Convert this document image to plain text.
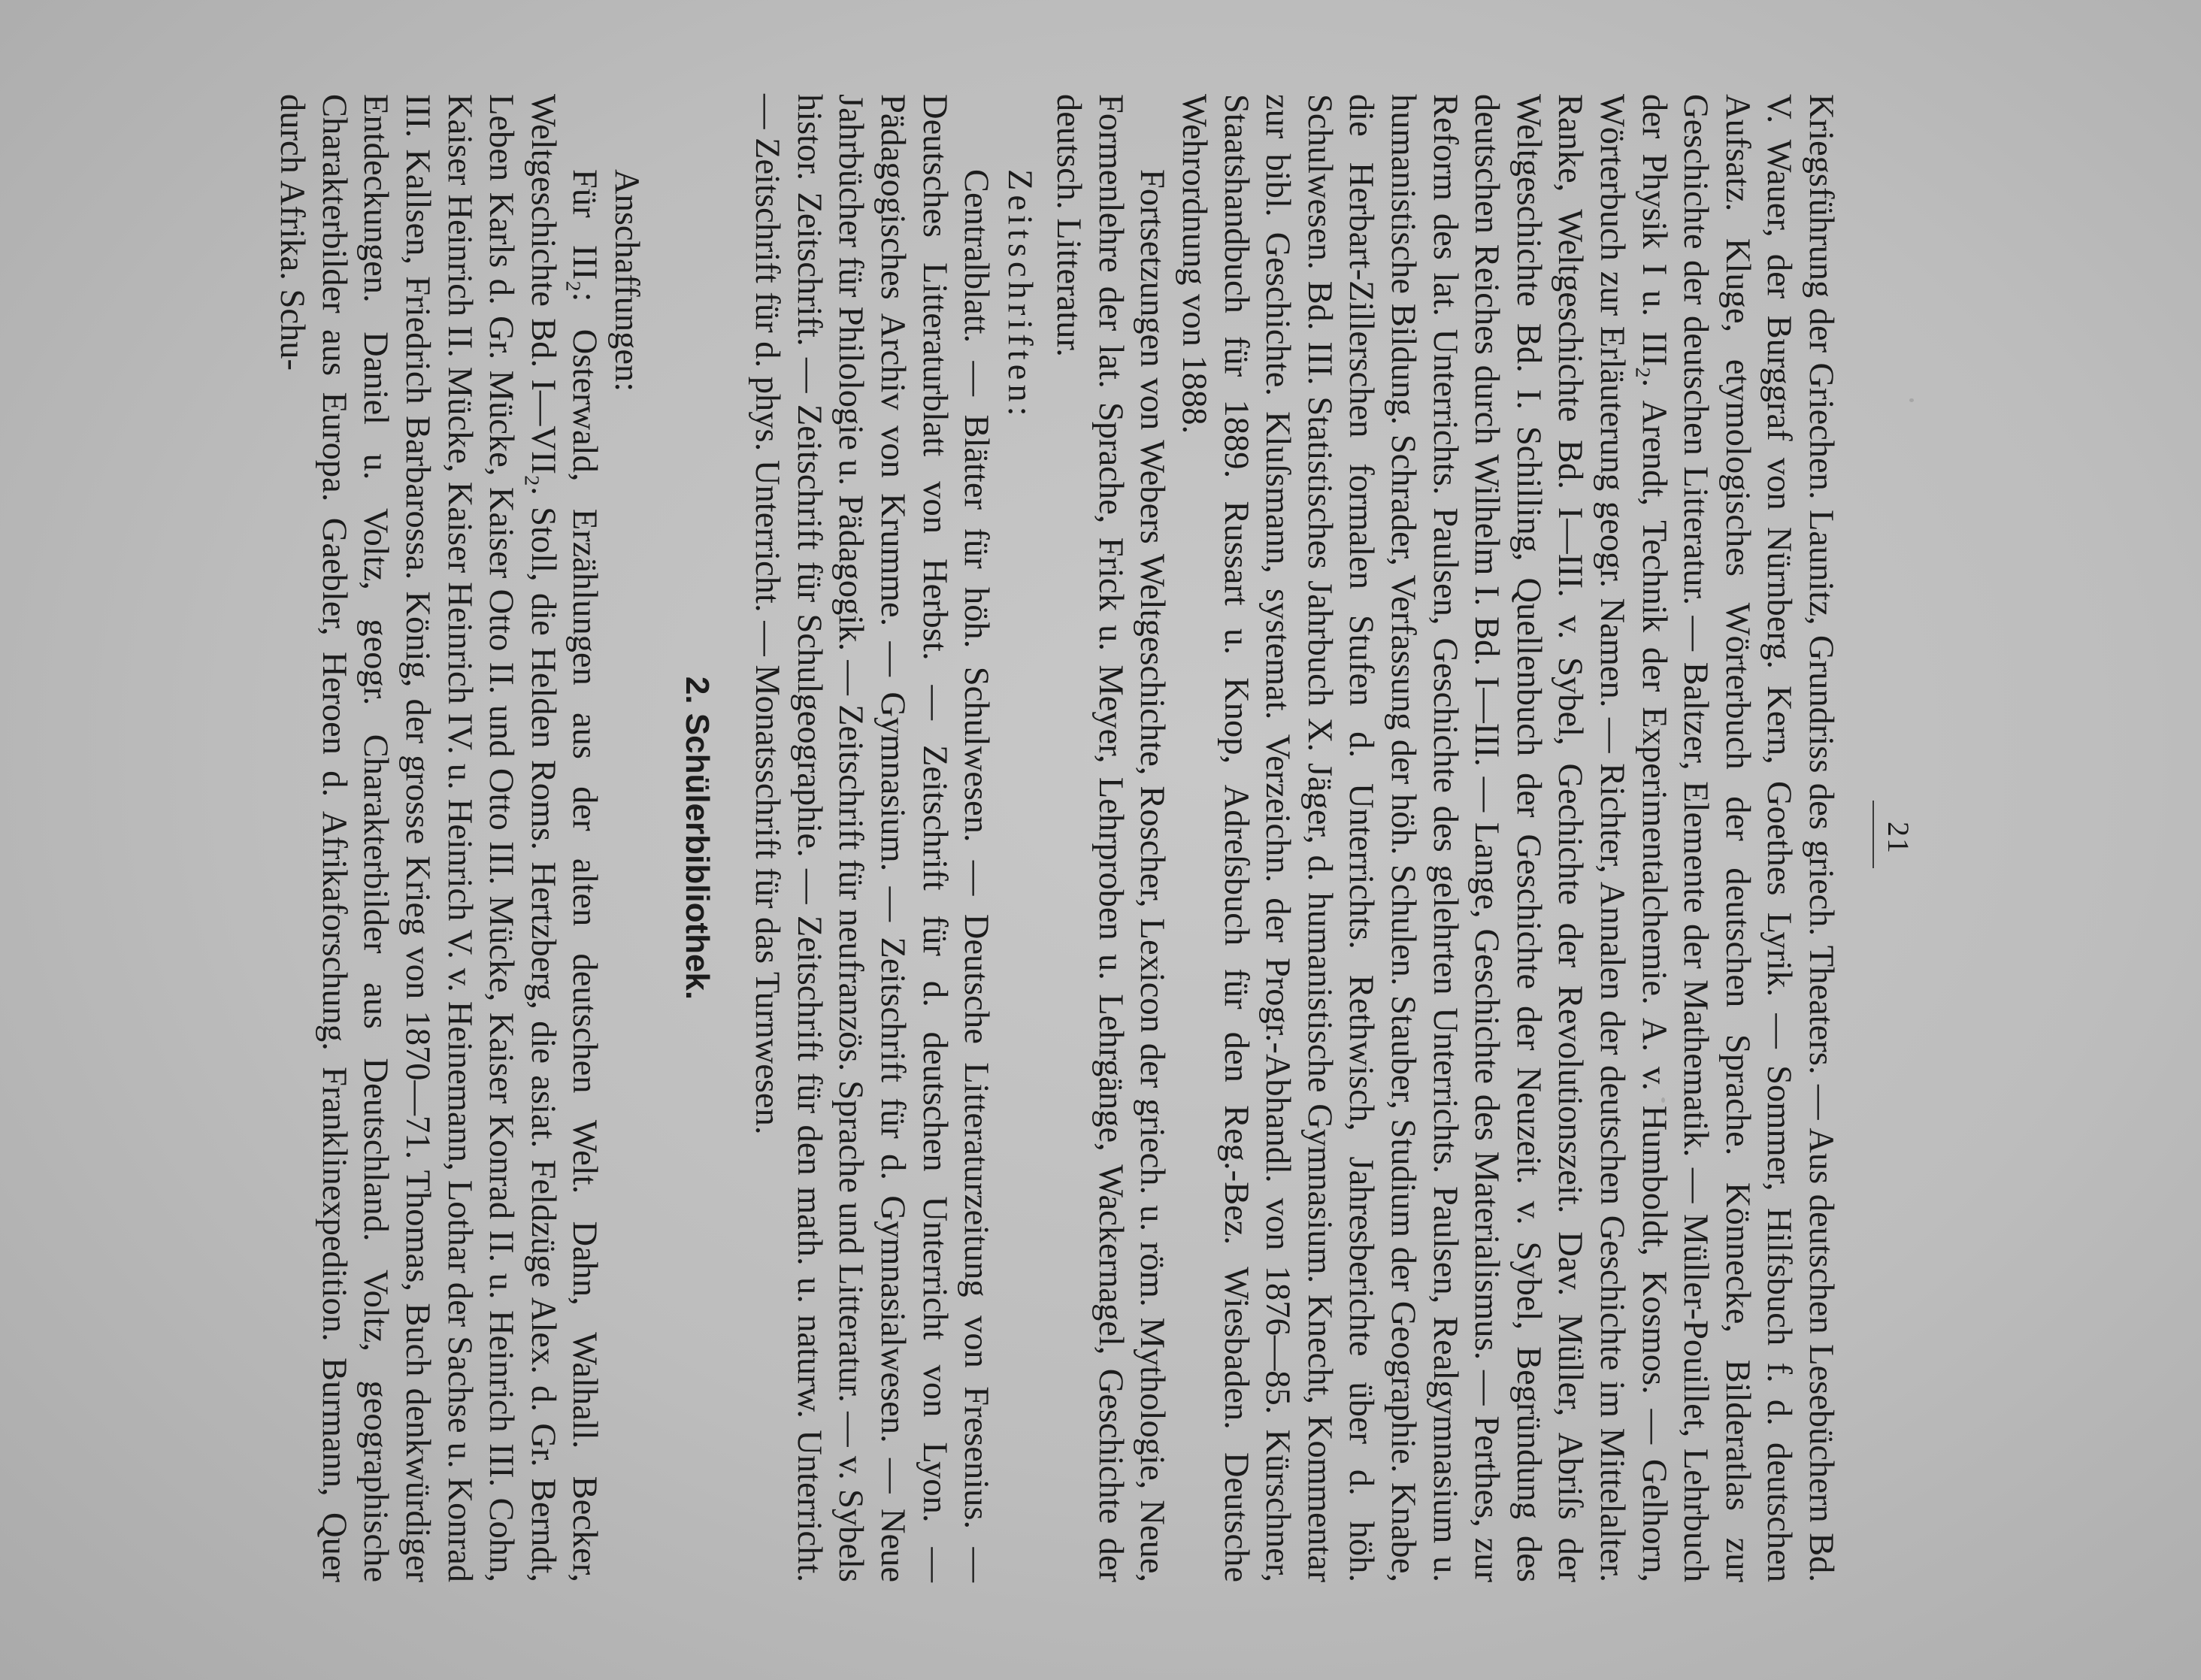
21

Kriegsführung der Griechen. Launitz, Grundriss des griech. Theaters. — Aus deutschen Lesebüchern Bd. V. Wauer, der Burggraf von Nürnberg. Kern, Goethes Lyrik. — Sommer, Hilfsbuch f. d. deutschen Aufsatz. Kluge, etymologisches Wörterbuch der deutschen Sprache. Könnecke, Bilderatlas zur Geschichte der deutschen Litteratur. — Baltzer, Elemente der Mathematik. — Müller-Pouillet, Lehrbuch der Physik I u. III₂. Arendt, Technik der Experimentalchemie. A. v. Humboldt, Kosmos. — Gelhorn, Wörterbuch zur Erläuterung geogr. Namen. — Richter, Annalen der deutschen Geschichte im Mittelalter. Ranke, Weltgeschichte Bd. I—III. v. Sybel, Gechichte der Revolutionszeit. Dav. Müller, Abriſs der Weltgeschichte Bd. I. Schilling, Quellenbuch der Geschichte der Neuzeit. v. Sybel, Begründung des deutschen Reiches durch Wilhelm I. Bd. I—III. — Lange, Geschichte des Materialismus. — Perthes, zur Reform des lat. Unterrichts. Paulsen, Geschichte des gelehrten Unterrichts. Paulsen, Realgymnasium u. humanistische Bildung. Schrader, Verfassung der höh. Schulen. Stauber, Studium der Geographie. Knabe, die Herbart-Zillerschen formalen Stufen d. Unterrichts. Rethwisch, Jahresberichte über d. höh. Schulwesen. Bd. III. Statistisches Jahrbuch X. Jäger, d. humanistische Gymnasium. Knecht, Kommentar zur bibl. Geschichte. Kluſsmann, systemat. Verzeichn. der Progr.-Abhandl. von 1876—85. Kürschner, Staatshandbuch für 1889. Russart u. Knop, Adreſsbuch für den Reg.-Bez. Wiesbaden. Deutsche Wehrordnung von 1888.

Fortsetzungen von Webers Weltgeschichte, Roscher, Lexicon der griech. u. röm. Mythologie, Neue, Formenlehre der lat. Sprache, Frick u. Meyer, Lehrproben u. Lehrgänge, Wackernagel, Geschichte der deutsch. Litteratur.

Zeitschriften:

Centralblatt. — Blätter für höh. Schulwesen. — Deutsche Litteraturzeitung von Fresenius. — Deutsches Litteraturblatt von Herbst. — Zeitschrift für d. deutschen Unterricht von Lyon. — Pädagogisches Archiv von Krumme. — Gymnasium. — Zeitschrift für d. Gymnasialwesen. — Neue Jahrbücher für Philologie u. Pädagogik. — Zeitschrift für neufranzös. Sprache und Litteratur. — v. Sybels histor. Zeitschrift. — Zeitschrift für Schulgeographie. — Zeitschrift für den math. u. naturw. Unterricht. — Zeitschrift für d. phys. Unterricht. — Monatsschrift für das Turnwesen.

2. Schülerbibliothek.

Anschaffungen:

Für III₂: Osterwald, Erzählungen aus der alten deutschen Welt. Dahn, Walhall. Becker, Weltgeschichte Bd. I—VII₂. Stoll, die Helden Roms. Hertzberg, die asiat. Feldzüge Alex. d. Gr. Berndt, Leben Karls d. Gr. Mücke, Kaiser Otto II. und Otto III. Mücke, Kaiser Konrad II. u. Heinrich III. Cohn, Kaiser Heinrich II. Mücke, Kaiser Heinrich IV. u. Heinrich V. v. Heinemann, Lothar der Sachse u. Konrad III. Kallsen, Friedrich Barbarossa. König, der grosse Krieg von 1870—71. Thomas, Buch denkwürdiger Entdeckungen. Daniel u. Voltz, geogr. Charakterbilder aus Deutschland. Voltz, geographische Charakterbilder aus Europa. Gaebler, Heroen d. Afrikaforschung. Franklinexpedition. Burmann, Quer durch Afrika. Schu-
